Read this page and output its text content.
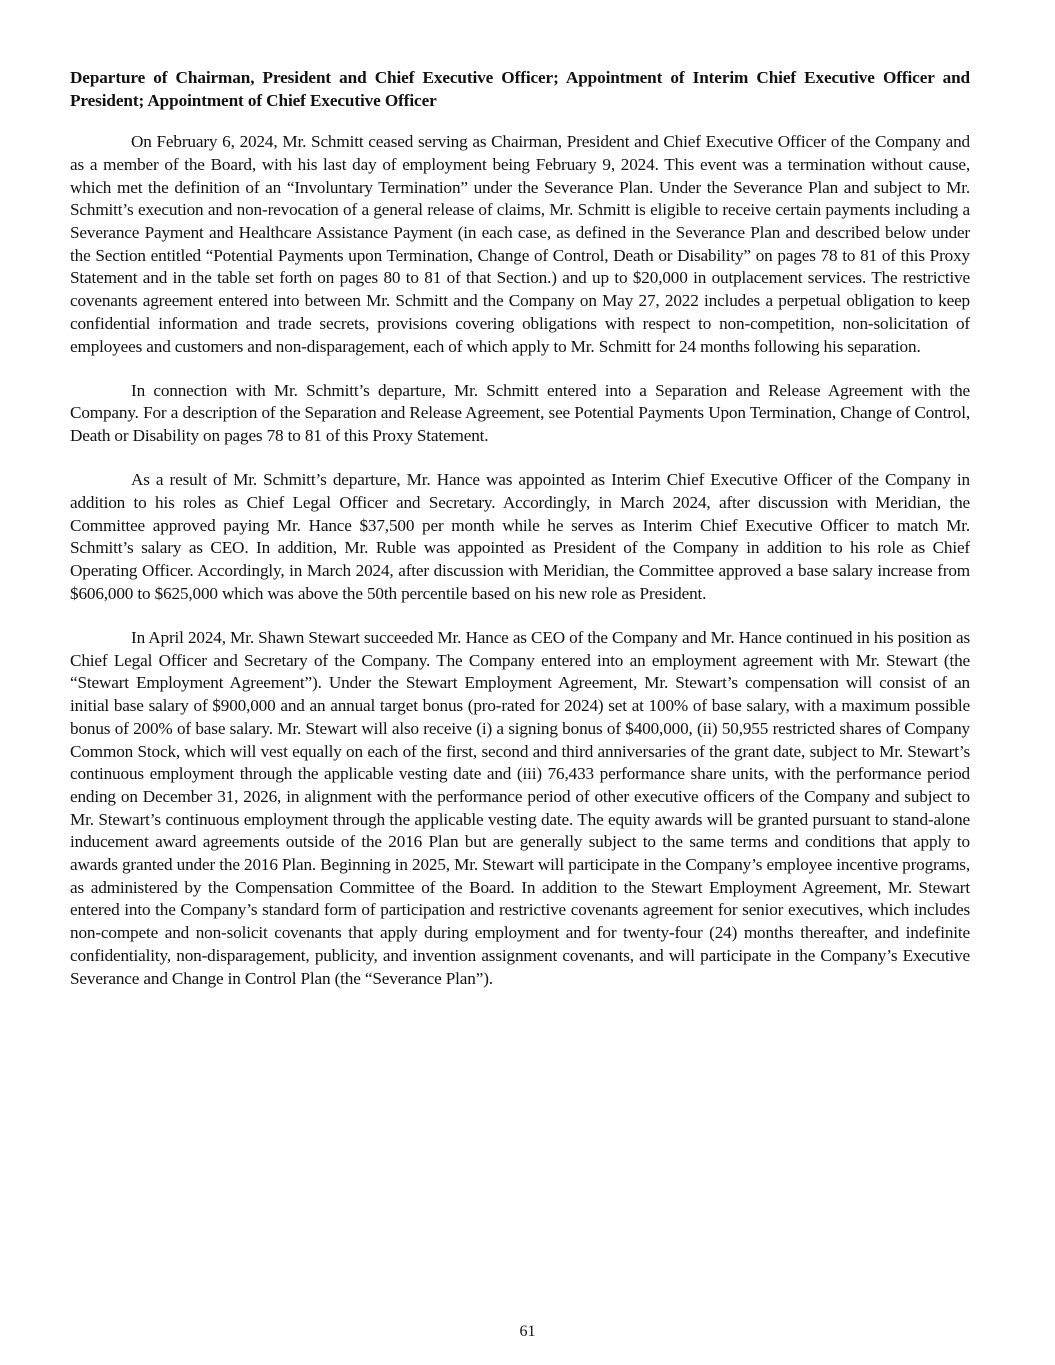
Departure of Chairman, President and Chief Executive Officer; Appointment of Interim Chief Executive Officer and President; Appointment of Chief Executive Officer

On February 6, 2024, Mr. Schmitt ceased serving as Chairman, President and Chief Executive Officer of the Company and as a member of the Board, with his last day of employment being February 9, 2024. This event was a termination without cause, which met the definition of an “Involuntary Termination” under the Severance Plan. Under the Severance Plan and subject to Mr. Schmitt’s execution and non-revocation of a general release of claims, Mr. Schmitt is eligible to receive certain payments including a Severance Payment and Healthcare Assistance Payment (in each case, as defined in the Severance Plan and described below under the Section entitled “Potential Payments upon Termination, Change of Control, Death or Disability” on pages 78 to 81 of this Proxy Statement and in the table set forth on pages 80 to 81 of that Section.) and up to $20,000 in outplacement services. The restrictive covenants agreement entered into between Mr. Schmitt and the Company on May 27, 2022 includes a perpetual obligation to keep confidential information and trade secrets, provisions covering obligations with respect to non-competition, non-solicitation of employees and customers and non-disparagement, each of which apply to Mr. Schmitt for 24 months following his separation.

In connection with Mr. Schmitt’s departure, Mr. Schmitt entered into a Separation and Release Agreement with the Company. For a description of the Separation and Release Agreement, see Potential Payments Upon Termination, Change of Control, Death or Disability on pages 78 to 81 of this Proxy Statement.

As a result of Mr. Schmitt’s departure, Mr. Hance was appointed as Interim Chief Executive Officer of the Company in addition to his roles as Chief Legal Officer and Secretary. Accordingly, in March 2024, after discussion with Meridian, the Committee approved paying Mr. Hance $37,500 per month while he serves as Interim Chief Executive Officer to match Mr. Schmitt’s salary as CEO. In addition, Mr. Ruble was appointed as President of the Company in addition to his role as Chief Operating Officer. Accordingly, in March 2024, after discussion with Meridian, the Committee approved a base salary increase from $606,000 to $625,000 which was above the 50th percentile based on his new role as President.

In April 2024, Mr. Shawn Stewart succeeded Mr. Hance as CEO of the Company and Mr. Hance continued in his position as Chief Legal Officer and Secretary of the Company. The Company entered into an employment agreement with Mr. Stewart (the “Stewart Employment Agreement”). Under the Stewart Employment Agreement, Mr. Stewart’s compensation will consist of an initial base salary of $900,000 and an annual target bonus (pro-rated for 2024) set at 100% of base salary, with a maximum possible bonus of 200% of base salary. Mr. Stewart will also receive (i) a signing bonus of $400,000, (ii) 50,955 restricted shares of Company Common Stock, which will vest equally on each of the first, second and third anniversaries of the grant date, subject to Mr. Stewart’s continuous employment through the applicable vesting date and (iii) 76,433 performance share units, with the performance period ending on December 31, 2026, in alignment with the performance period of other executive officers of the Company and subject to Mr. Stewart’s continuous employment through the applicable vesting date. The equity awards will be granted pursuant to stand-alone inducement award agreements outside of the 2016 Plan but are generally subject to the same terms and conditions that apply to awards granted under the 2016 Plan. Beginning in 2025, Mr. Stewart will participate in the Company’s employee incentive programs, as administered by the Compensation Committee of the Board. In addition to the Stewart Employment Agreement, Mr. Stewart entered into the Company’s standard form of participation and restrictive covenants agreement for senior executives, which includes non-compete and non-solicit covenants that apply during employment and for twenty-four (24) months thereafter, and indefinite confidentiality, non-disparagement, publicity, and invention assignment covenants, and will participate in the Company’s Executive Severance and Change in Control Plan (the “Severance Plan”).

61
